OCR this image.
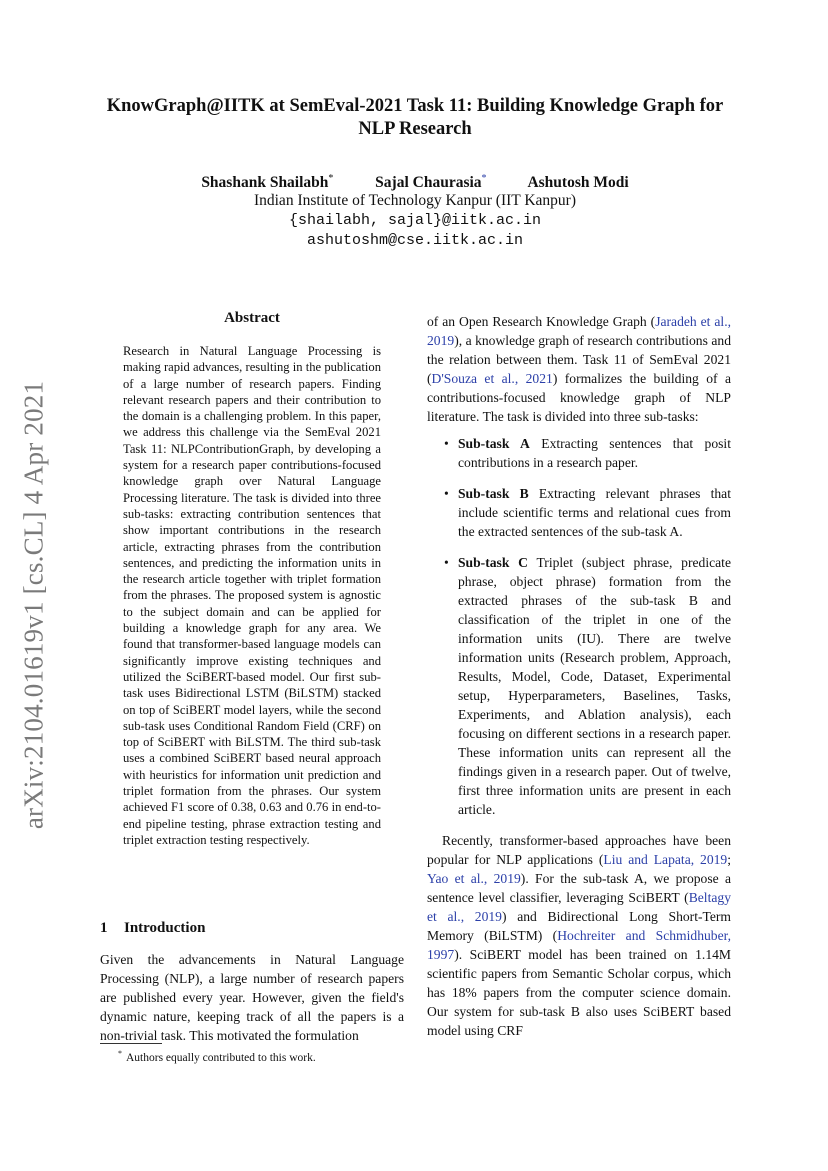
arXiv:2104.01619v1 [cs.CL] 4 Apr 2021
KnowGraph@IITK at SemEval-2021 Task 11: Building Knowledge Graph for NLP Research
Shashank Shailabh*	Sajal Chaurasia*	Ashutosh Modi
Indian Institute of Technology Kanpur (IIT Kanpur)
{shailabh, sajal}@iitk.ac.in
ashutoshm@cse.iitk.ac.in
Abstract
Research in Natural Language Processing is making rapid advances, resulting in the publication of a large number of research papers. Finding relevant research papers and their contribution to the domain is a challenging problem. In this paper, we address this challenge via the SemEval 2021 Task 11: NLPContributionGraph, by developing a system for a research paper contributions-focused knowledge graph over Natural Language Processing literature. The task is divided into three sub-tasks: extracting contribution sentences that show important contributions in the research article, extracting phrases from the contribution sentences, and predicting the information units in the research article together with triplet formation from the phrases. The proposed system is agnostic to the subject domain and can be applied for building a knowledge graph for any area. We found that transformer-based language models can significantly improve existing techniques and utilized the SciBERT-based model. Our first sub-task uses Bidirectional LSTM (BiLSTM) stacked on top of SciBERT model layers, while the second sub-task uses Conditional Random Field (CRF) on top of SciBERT with BiLSTM. The third sub-task uses a combined SciBERT based neural approach with heuristics for information unit prediction and triplet formation from the phrases. Our system achieved F1 score of 0.38, 0.63 and 0.76 in end-to-end pipeline testing, phrase extraction testing and triplet extraction testing respectively.
1 Introduction
Given the advancements in Natural Language Processing (NLP), a large number of research papers are published every year. However, given the field's dynamic nature, keeping track of all the papers is a non-trivial task. This motivated the formulation
* Authors equally contributed to this work.

of an Open Research Knowledge Graph (Jaradeh et al., 2019), a knowledge graph of research contributions and the relation between them. Task 11 of SemEval 2021 (D'Souza et al., 2021) formalizes the building of a contributions-focused knowledge graph of NLP literature. The task is divided into three sub-tasks:

• Sub-task A Extracting sentences that posit contributions in a research paper.
• Sub-task B Extracting relevant phrases that include scientific terms and relational cues from the extracted sentences of the sub-task A.
• Sub-task C Triplet (subject phrase, predicate phrase, object phrase) formation from the extracted phrases of the sub-task B and classification of the triplet in one of the information units (IU). There are twelve information units (Research problem, Approach, Results, Model, Code, Dataset, Experimental setup, Hyperparameters, Baselines, Tasks, Experiments, and Ablation analysis), each focusing on different sections in a research paper. These information units can represent all the findings given in a research paper. Out of twelve, first three information units are present in each article.

Recently, transformer-based approaches have been popular for NLP applications (Liu and Lapata, 2019; Yao et al., 2019). For the sub-task A, we propose a sentence level classifier, leveraging SciBERT (Beltagy et al., 2019) and Bidirectional Long Short-Term Memory (BiLSTM) (Hochreiter and Schmidhuber, 1997). SciBERT model has been trained on 1.14M scientific papers from Semantic Scholar corpus, which has 18% papers from the computer science domain. Our system for sub-task B also uses SciBERT based model using CRF
